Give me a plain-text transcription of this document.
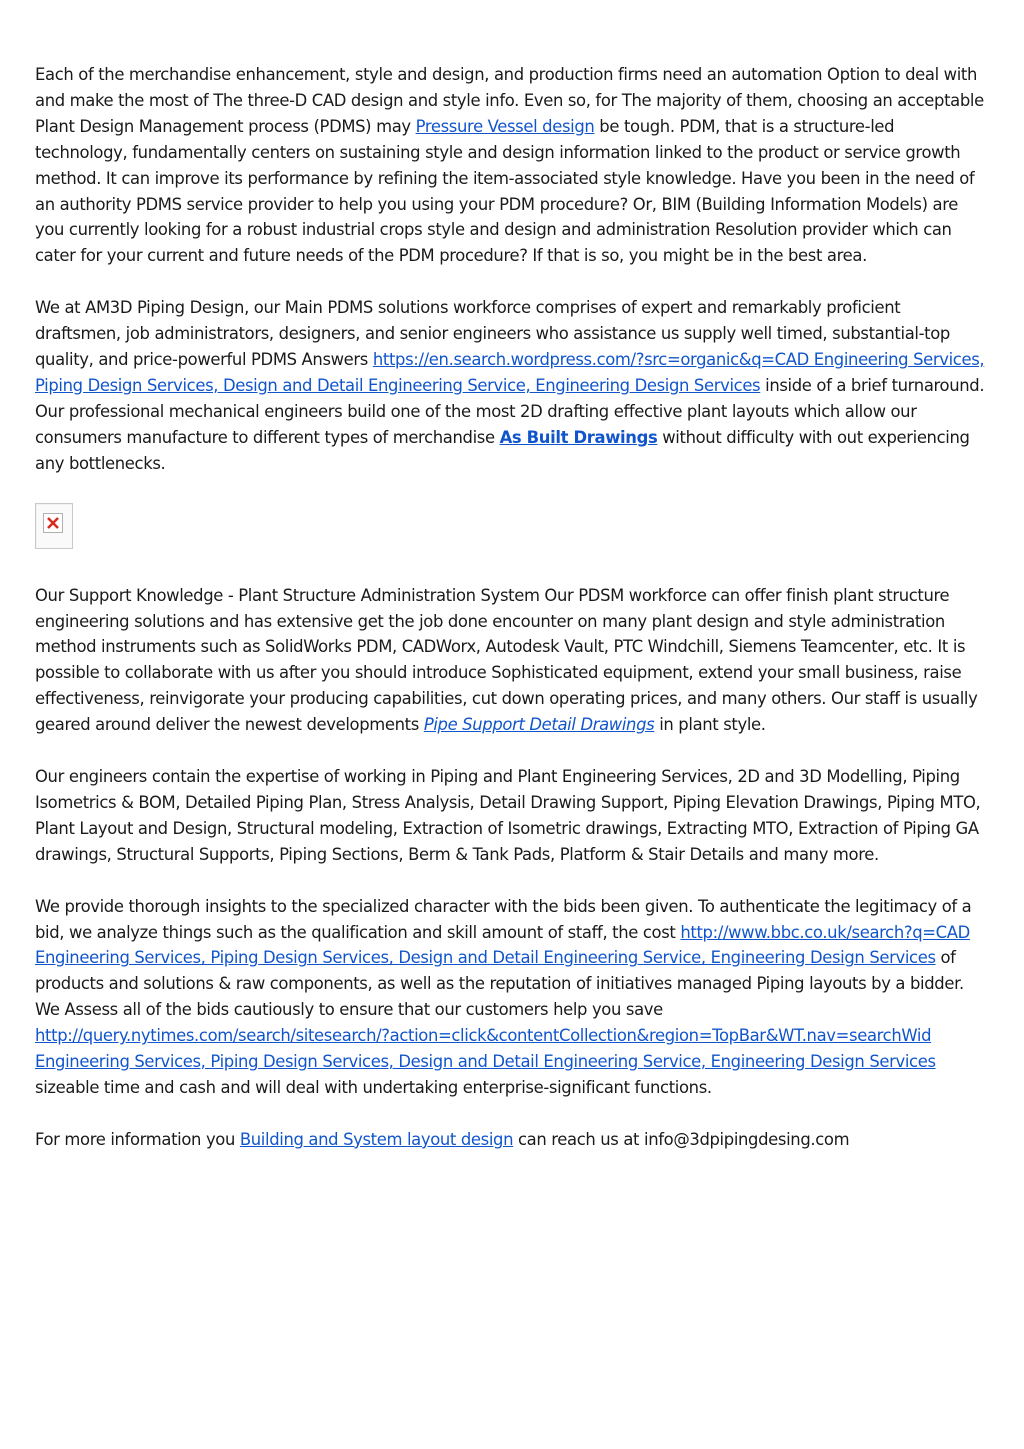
Each of the merchandise enhancement, style and design, and production firms need an automation Option to deal with and make the most of The three-D CAD design and style info. Even so, for The majority of them, choosing an acceptable Plant Design Management process (PDMS) may Pressure Vessel design be tough. PDM, that is a structure-led technology, fundamentally centers on sustaining style and design information linked to the product or service growth method. It can improve its performance by refining the item-associated style knowledge. Have you been in the need of an authority PDMS service provider to help you using your PDM procedure? Or, BIM (Building Information Models) are you currently looking for a robust industrial crops style and design and administration Resolution provider which can cater for your current and future needs of the PDM procedure? If that is so, you might be in the best area.

We at AM3D Piping Design, our Main PDMS solutions workforce comprises of expert and remarkably proficient draftsmen, job administrators, designers, and senior engineers who assistance us supply well timed, substantial-top quality, and price-powerful PDMS Answers https://en.search.wordpress.com/?src=organic&q=CAD Engineering Services, Piping Design Services, Design and Detail Engineering Service, Engineering Design Services inside of a brief turnaround. Our professional mechanical engineers build one of the most 2D drafting effective plant layouts which allow our consumers manufacture to different types of merchandise As Built Drawings without difficulty with out experiencing any bottlenecks.

Our Support Knowledge - Plant Structure Administration System Our PDSM workforce can offer finish plant structure engineering solutions and has extensive get the job done encounter on many plant design and style administration method instruments such as SolidWorks PDM, CADWorx, Autodesk Vault, PTC Windchill, Siemens Teamcenter, etc. It is possible to collaborate with us after you should introduce Sophisticated equipment, extend your small business, raise effectiveness, reinvigorate your producing capabilities, cut down operating prices, and many others. Our staff is usually geared around deliver the newest developments Pipe Support Detail Drawings in plant style.

Our engineers contain the expertise of working in Piping and Plant Engineering Services, 2D and 3D Modelling, Piping Isometrics & BOM, Detailed Piping Plan, Stress Analysis, Detail Drawing Support, Piping Elevation Drawings, Piping MTO, Plant Layout and Design, Structural modeling, Extraction of Isometric drawings, Extracting MTO, Extraction of Piping GA drawings, Structural Supports, Piping Sections, Berm & Tank Pads, Platform & Stair Details and many more.

We provide thorough insights to the specialized character with the bids been given. To authenticate the legitimacy of a bid, we analyze things such as the qualification and skill amount of staff, the cost http://www.bbc.co.uk/search?q=CAD Engineering Services, Piping Design Services, Design and Detail Engineering Service, Engineering Design Services of products and solutions & raw components, as well as the reputation of initiatives managed Piping layouts by a bidder. We Assess all of the bids cautiously to ensure that our customers help you save
http://query.nytimes.com/search/sitesearch/?action=click&contentCollection&region=TopBar&WT.nav=searchWid
Engineering Services, Piping Design Services, Design and Detail Engineering Service, Engineering Design Services sizeable time and cash and will deal with undertaking enterprise-significant functions.

For more information you Building and System layout design can reach us at info@3dpipingdesing.com
